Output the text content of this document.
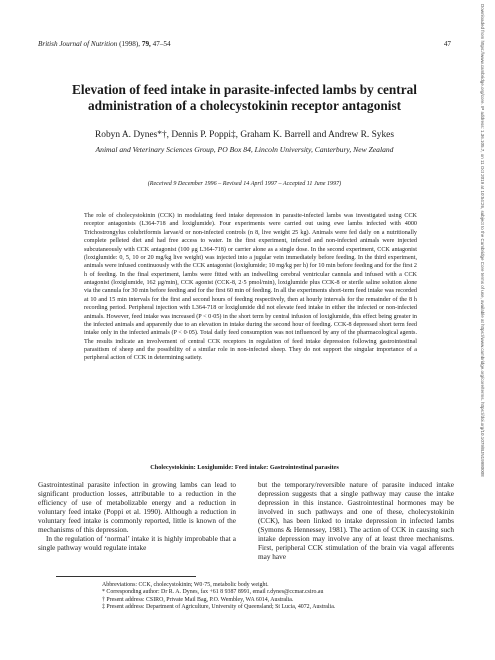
British Journal of Nutrition (1998), 79, 47–54	47
Elevation of feed intake in parasite-infected lambs by central administration of a cholecystokinin receptor antagonist
Robyn A. Dynes*†, Dennis P. Poppi‡, Graham K. Barrell and Andrew R. Sykes
Animal and Veterinary Sciences Group, PO Box 84, Lincoln University, Canterbury, New Zealand
(Received 9 December 1996 – Revised 14 April 1997 – Accepted 11 June 1997)
The role of cholecystokinin (CCK) in modulating feed intake depression in parasite-infected lambs was investigated using CCK receptor antagonists (L364-718 and loxiglumide). Four experiments were carried out using ewe lambs infected with 4000 Trichostrongylus colubriformis larvae/d or non-infected controls (n 8, live weight 25 kg). Animals were fed daily on a nutritionally complete pelleted diet and had free access to water. In the first experiment, infected and non-infected animals were injected subcutaneously with CCK antagonist (100 μg L364-718) or carrier alone as a single dose. In the second experiment, CCK antagonist (loxiglumide: 0, 5, 10 or 20 mg/kg live weight) was injected into a jugular vein immediately before feeding. In the third experiment, animals were infused continuously with the CCK antagonist (loxiglumide; 10 mg/kg per h) for 10 min before feeding and for the first 2 h of feeding. In the final experiment, lambs were fitted with an indwelling cerebral ventricular cannula and infused with a CCK antagonist (loxiglumide, 162 μg/min), CCK agonist (CCK-8, 2·5 pmol/min), loxiglumide plus CCK-8 or sterile saline solution alone via the cannula for 30 min before feeding and for the first 60 min of feeding. In all the experiments short-term feed intake was recorded at 10 and 15 min intervals for the first and second hours of feeding respectively, then at hourly intervals for the remainder of the 8 h recording period. Peripheral injection with L364-718 or loxiglumide did not elevate feed intake in either the infected or non-infected animals. However, feed intake was increased (P < 0·05) in the short term by central infusion of loxiglumide, this effect being greater in the infected animals and apparently due to an elevation in intake during the second hour of feeding. CCK-8 depressed short term feed intake only in the infected animals (P < 0·05). Total daily feed consumption was not influenced by any of the pharmacological agents. The results indicate an involvement of central CCK receptors in regulation of feed intake depression following gastrointestinal parasitism of sheep and the possibility of a similar role in non-infected sheep. They do not support the singular importance of a peripheral action of CCK in determining satiety.
Cholecystokinin: Loxiglumide: Feed intake: Gastrointestinal parasites

Gastrointestinal parasite infection in growing lambs can lead to significant production losses, attributable to a reduction in the efficiency of use of metabolizable energy and a reduction in voluntary feed intake (Poppi et al. 1990). Although a reduction in voluntary feed intake is commonly reported, little is known of the mechanisms of this depression.

In the regulation of ‘normal’ intake it is highly improbable that a single pathway would regulate intake

but the temporary/reversible nature of parasite induced intake depression suggests that a single pathway may cause the intake depression in this instance. Gastrointestinal hormones may be involved in such pathways and one of these, cholecystokinin (CCK), has been linked to intake depression in infected lambs (Symons & Hennessey, 1981). The action of CCK in causing such intake depression may involve any of at least three mechanisms. First, peripheral CCK stimulation of the brain via vagal afferents may have

Abbreviations: CCK, cholecystokinin; W0·75, metabolic body weight.
* Corresponding author: Dr R. A. Dynes, fax +61 8 9387 8991, email r.dynes@ccmar.csiro.au
† Present address: CSIRO, Private Mail Bag, P.O. Wembley, WA 6014, Australia.
‡ Present address: Department of Agriculture, University of Queensland; St Lucia, 4072, Australia.
Downloaded from https://www.cambridge.org/core. IP address: 1.36.105.7, on 11 Oct 2019 at 10:54:26, subject to the Cambridge Core terms of use, available at https://www.cambridge.org/core/terms. https://doi.org/10.1079/BJN19980008
